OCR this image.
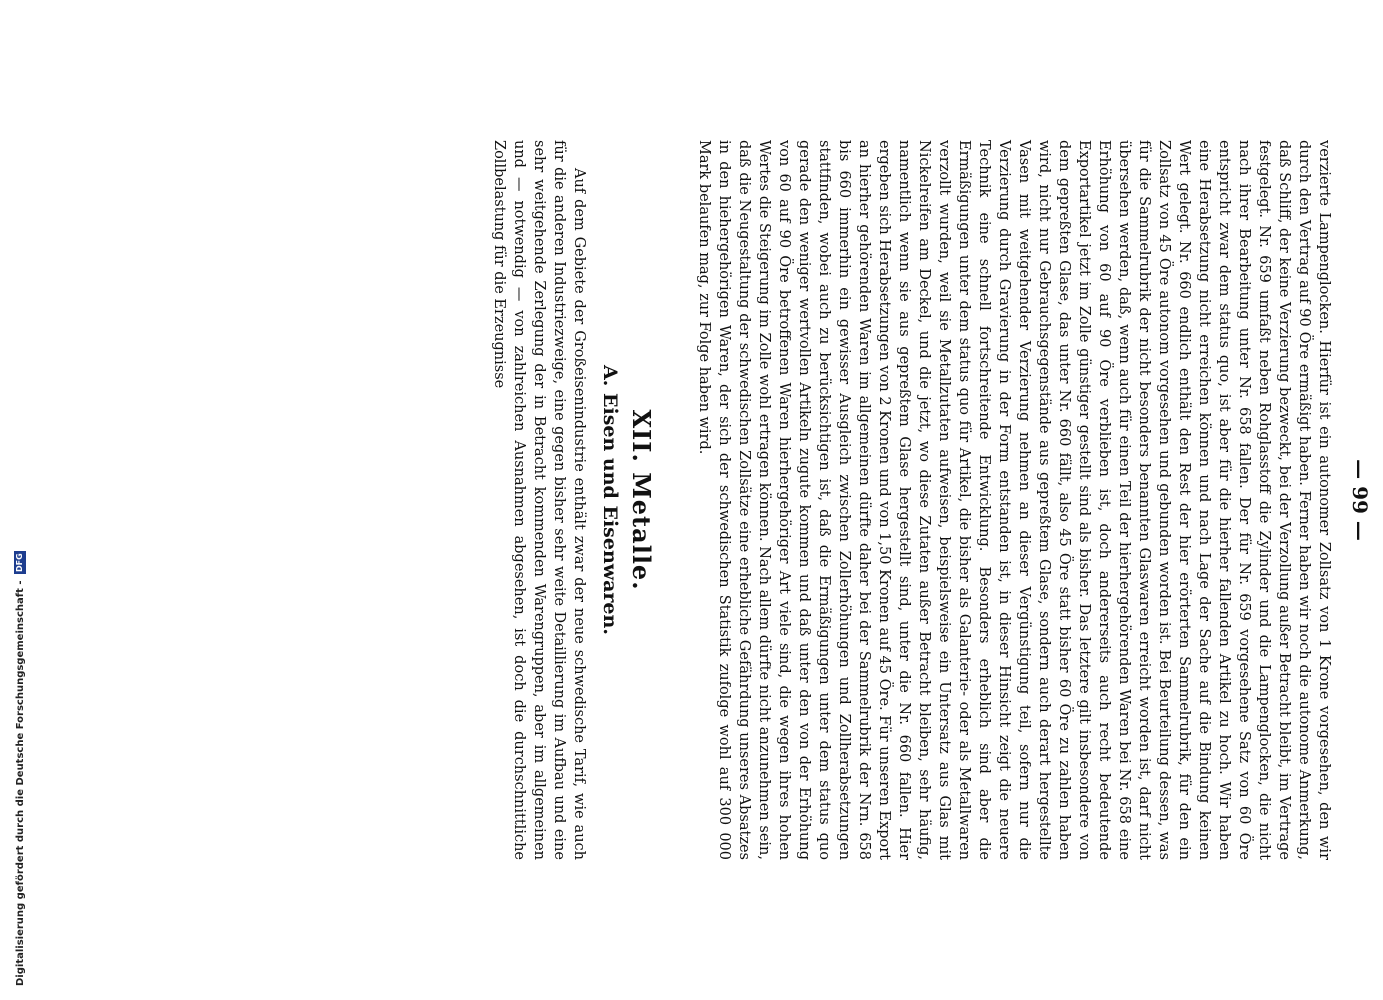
Digitalisierung gefördert durch die Deutsche Forschungsgemeinschaft - DFG
— 99 —

verzierte Lampenglocken. Hierfür ist ein autonomer Zollsatz von 1 Krone vorgesehen, den wir durch den Vertrag auf 90 Öre ermäßigt haben. Ferner haben wir noch die autonome Anmerkung, daß Schliff, der keine Verzierung bezweckt, bei der Verzollung außer Betracht bleibt, im Vertrage festgelegt. Nr. 659 umfaßt neben Rohglasstoff die Zylinder und die Lampenglocken, die nicht nach ihrer Bearbeitung unter Nr. 658 fallen. Der für Nr. 659 vorgesehene Satz von 60 Öre entspricht zwar dem status quo, ist aber für die hierher fallenden Artikel zu hoch. Wir haben eine Herabsetzung nicht erreichen können und nach Lage der Sache auf die Bindung keinen Wert gelegt. Nr. 660 endlich enthält den Rest der hier erörterten Sammelrubrik, für den ein Zollsatz von 45 Öre autonom vorgesehen und gebunden worden ist. Bei Beurteilung dessen, was für die Sammelrubrik der nicht besonders benannten Glaswaren erreicht worden ist, darf nicht übersehen werden, daß, wenn auch für einen Teil der hierhergehörenden Waren bei Nr. 658 eine Erhöhung von 60 auf 90 Öre verblieben ist, doch andererseits auch recht bedeutende Exportartikel jetzt im Zolle günstiger gestellt sind als bisher. Das letztere gilt insbesondere von dem gepreßten Glase, das unter Nr. 660 fällt, also 45 Öre statt bisher 60 Öre zu zahlen haben wird, nicht nur Gebrauchsgegenstände aus gepreßtem Glase, sondern auch derart hergestellte Vasen mit weitgehender Verzierung nehmen an dieser Vergünstigung teil, sofern nur die Verzierung durch Gravierung in der Form entstanden ist, in dieser Hinsicht zeigt die neuere Technik eine schnell fortschreitende Entwicklung. Besonders erheblich sind aber die Ermäßigungen unter dem status quo für Artikel, die bisher als Galanterie- oder als Metallwaren verzollt wurden, weil sie Metallzutaten aufweisen, beispielsweise ein Untersatz aus Glas mit Nickelreifen am Deckel, und die jetzt, wo diese Zutaten außer Betracht bleiben, sehr häufig, namentlich wenn sie aus gepreßtem Glase hergestellt sind, unter die Nr. 660 fallen. Hier ergeben sich Herabsetzungen von 2 Kronen und von 1,50 Kronen auf 45 Öre. Für unseren Export an hierher gehörenden Waren im allgemeinen dürfte daher bei der Sammelrubrik der Nrn. 658 bis 660 immerhin ein gewisser Ausgleich zwischen Zollerhöhungen und Zollherabsetzungen stattfinden, wobei auch zu berücksichtigen ist, daß die Ermäßigungen unter dem status quo gerade den weniger wertvollen Artikeln zugute kommen und daß unter den von der Erhöhung von 60 auf 90 Öre betroffenen Waren hierhergehöriger Art viele sind, die wegen ihres hohen Wertes die Steigerung im Zolle wohl ertragen können. Nach allem dürfte nicht anzunehmen sein, daß die Neugestaltung der schwedischen Zollsätze eine erhebliche Gefährdung unseres Absatzes in den hiehergehörigen Waren, der sich der schwedischen Statistik zufolge wohl auf 300 000 Mark belaufen mag, zur Folge haben wird.

XII. Metalle.
A. Eisen und Eisenwaren.

Auf dem Gebiete der Großeisenindustrie enthält zwar der neue schwedische Tarif, wie auch für die anderen Industriezweige, eine gegen bisher sehr weite Detaillierung im Aufbau und eine sehr weitgehende Zerlegung der in Betracht kommenden Warengruppen, aber im allgemeinen und — notwendig — von zahlreichen Ausnahmen abgesehen, ist doch die durchschnittliche Zollbelastung für die Erzeugnisse
